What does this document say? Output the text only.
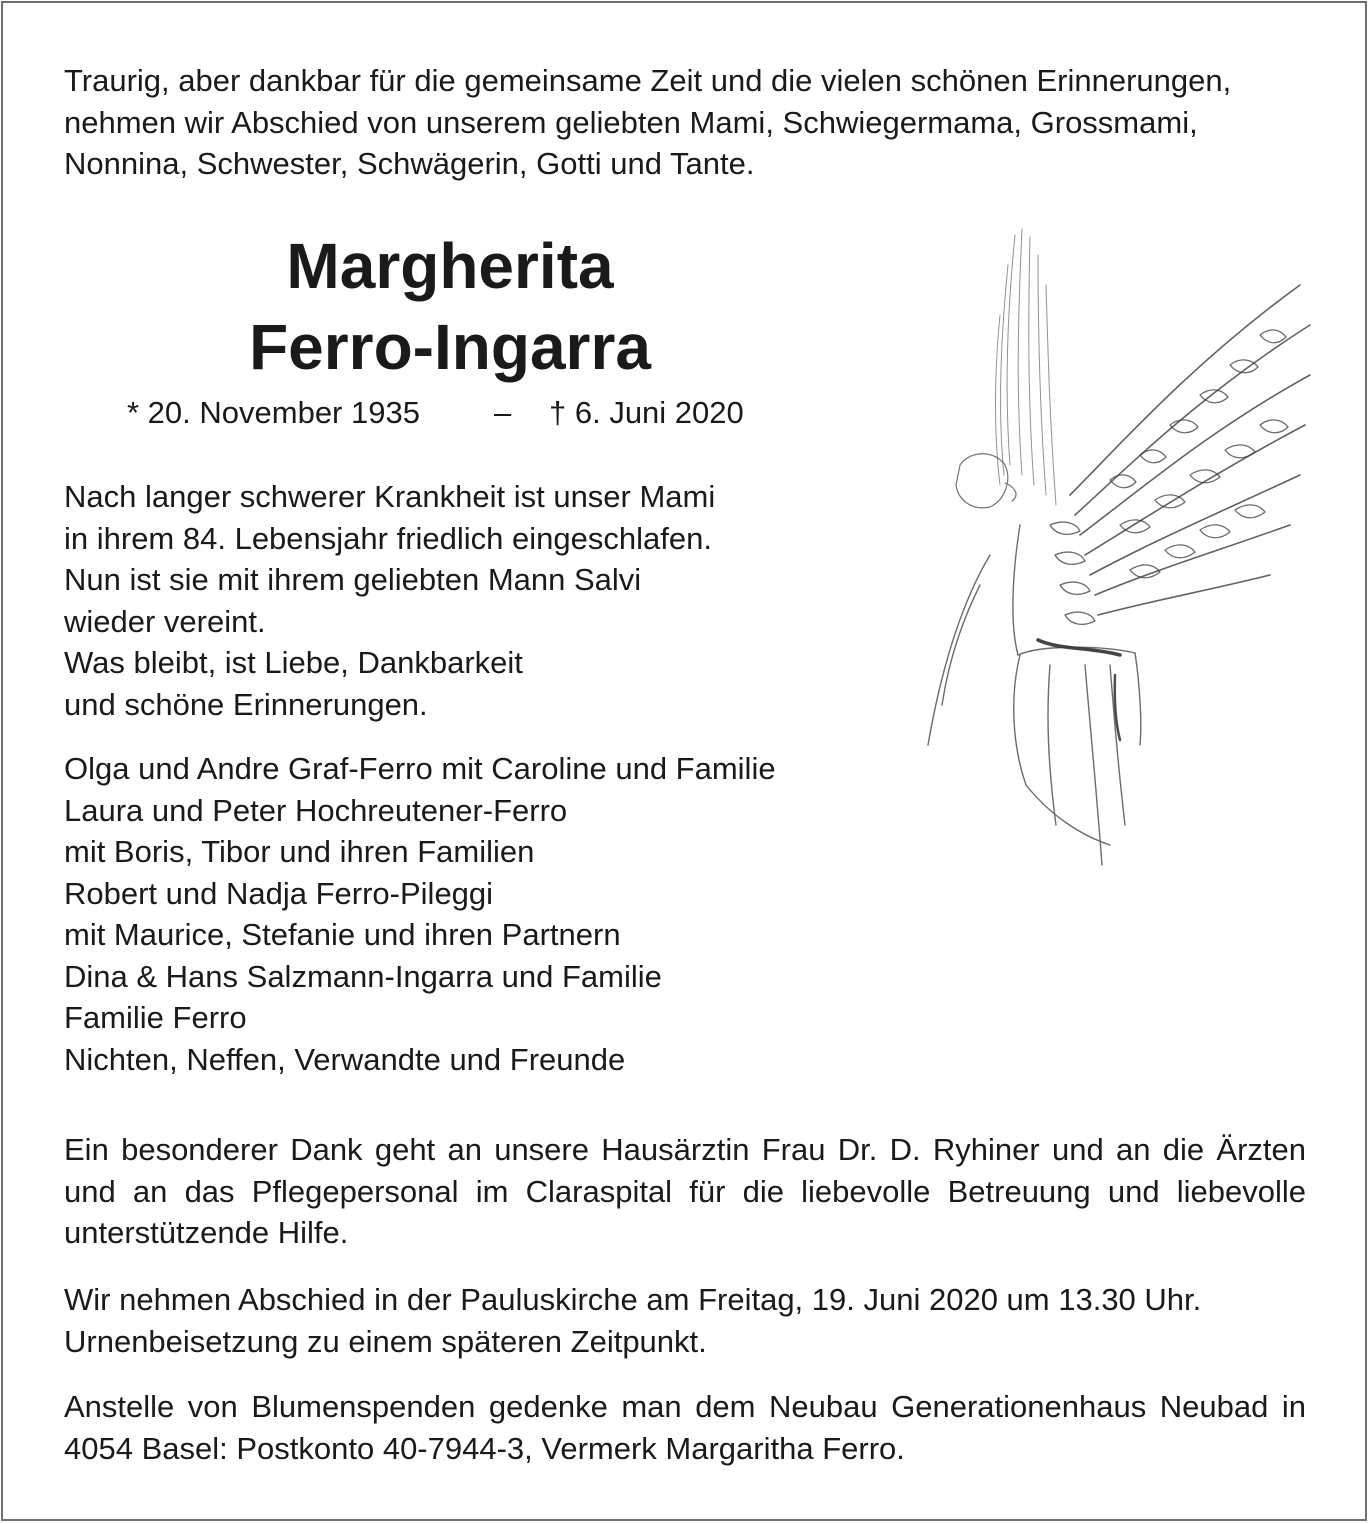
Traurig, aber dankbar für die gemeinsame Zeit und die vielen schönen Erinnerungen,
nehmen wir Abschied von unserem geliebten Mami, Schwiegermama, Grossmami,
Nonnina, Schwester, Schwägerin, Gotti und Tante.

Margherita
Ferro-Ingarra
* 20. November 1935 – † 6. Juni 2020

Nach langer schwerer Krankheit ist unser Mami
in ihrem 84. Lebensjahr friedlich eingeschlafen.
Nun ist sie mit ihrem geliebten Mann Salvi
wieder vereint.
Was bleibt, ist Liebe, Dankbarkeit
und schöne Erinnerungen.

Olga und Andre Graf-Ferro mit Caroline und Familie
Laura und Peter Hochreutener-Ferro
mit Boris, Tibor und ihren Familien
Robert und Nadja Ferro-Pileggi
mit Maurice, Stefanie und ihren Partnern
Dina & Hans Salzmann-Ingarra und Familie
Familie Ferro
Nichten, Neffen, Verwandte und Freunde

Ein besonderer Dank geht an unsere Hausärztin Frau Dr. D. Ryhiner und an die Ärzten und an das Pflegepersonal im Claraspital für die liebevolle Betreuung und liebevolle unterstützende Hilfe.

Wir nehmen Abschied in der Pauluskirche am Freitag, 19. Juni 2020 um 13.30 Uhr.
Urnenbeisetzung zu einem späteren Zeitpunkt.

Anstelle von Blumenspenden gedenke man dem Neubau Generationenhaus Neubad in 4054 Basel: Postkonto 40-7944-3, Vermerk Margaritha Ferro.
